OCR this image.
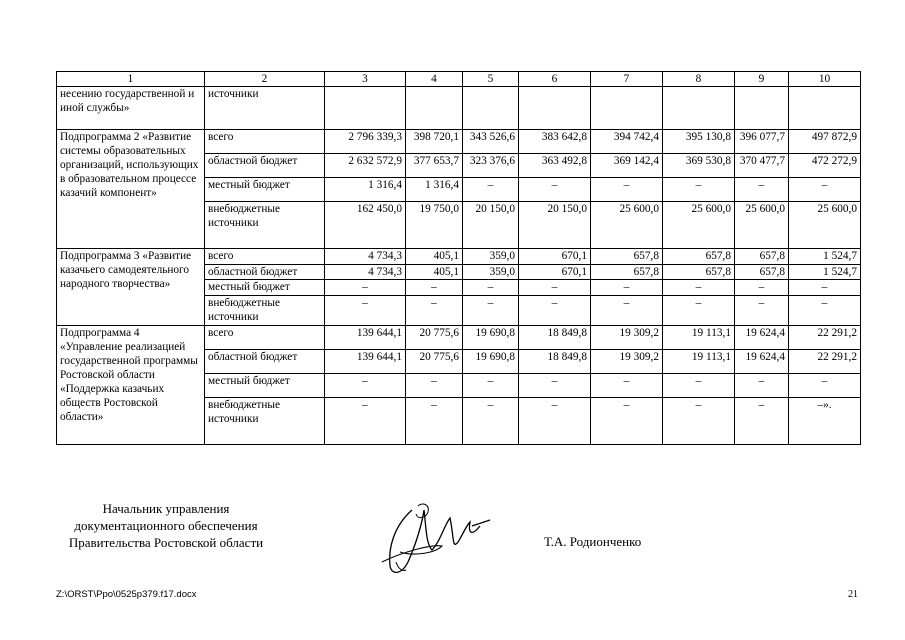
1	2	3	4	5	6	7	8	9	10
несению государственной и иной службы»	источники								
Подпрограмма 2 «Развитие системы образовательных организаций, использующих в образовательном процессе казачий компонент»	всего	2 796 339,3	398 720,1	343 526,6	383 642,8	394 742,4	395 130,8	396 077,7	497 872,9
	областной бюджет	2 632 572,9	377 653,7	323 376,6	363 492,8	369 142,4	369 530,8	370 477,7	472 272,9
	местный бюджет	1 316,4	1 316,4	–	–	–	–	–	–
	внебюджетные источники	162 450,0	19 750,0	20 150,0	20 150,0	25 600,0	25 600,0	25 600,0	25 600,0
Подпрограмма 3 «Развитие казачьего самодеятельного народного творчества»	всего	4 734,3	405,1	359,0	670,1	657,8	657,8	657,8	1 524,7
	областной бюджет	4 734,3	405,1	359,0	670,1	657,8	657,8	657,8	1 524,7
	местный бюджет	–	–	–	–	–	–	–	–
	внебюджетные источники	–	–	–	–	–	–	–	–
Подпрограмма 4 «Управление реализацией государственной программы Ростовской области «Поддержка казачьих обществ Ростовской области»	всего	139 644,1	20 775,6	19 690,8	18 849,8	19 309,2	19 113,1	19 624,4	22 291,2
	областной бюджет	139 644,1	20 775,6	19 690,8	18 849,8	19 309,2	19 113,1	19 624,4	22 291,2
	местный бюджет	–	–	–	–	–	–	–	–
	внебюджетные источники	–	–	–	–	–	–	–	–».
Начальник управления
документационного обеспечения
Правительства Ростовской области	Т.А. Родионченко
Z:\ORST\Ppo\0525p379.f17.docx	21
